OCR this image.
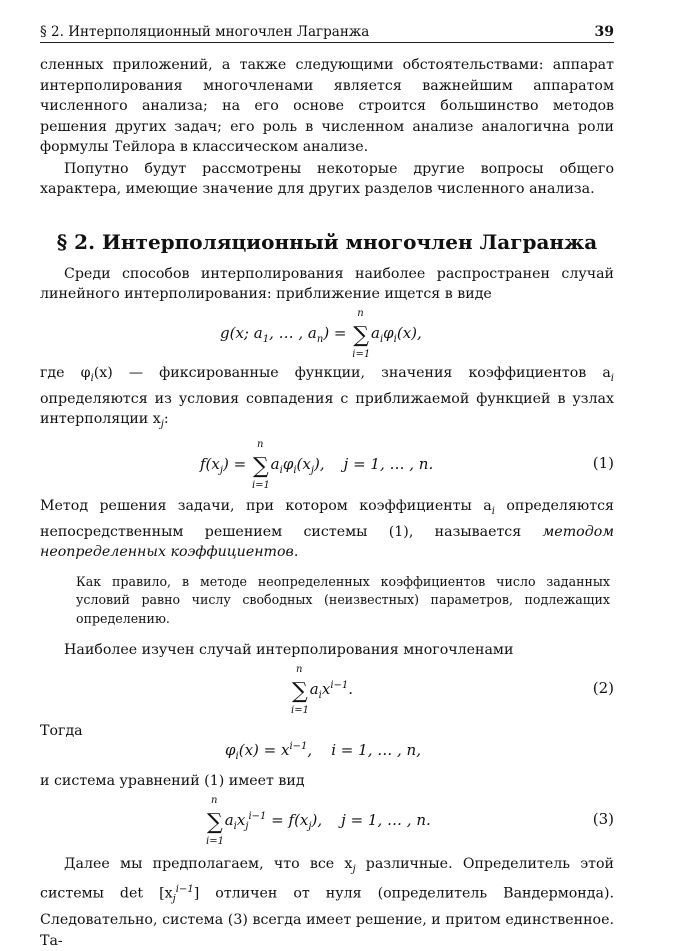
§ 2. Интерполяционный многочлен Лагранжа	39

сленных приложений, а также следующими обстоятельствами: аппарат интерполирования многочленами является важнейшим аппаратом численного анализа; на его основе строится большинство методов решения других задач; его роль в численном анализе аналогична роли формулы Тейлора в классическом анализе.

Попутно будут рассмотрены некоторые другие вопросы общего характера, имеющие значение для других разделов численного анализа.

§ 2. Интерполяционный многочлен Лагранжа

Среди способов интерполирования наиболее распространен случай линейного интерполирования: приближение ищется в виде

g(x; $a_1$, … , $a_n$) = ∑
n
i=1
$a_i\varphi_i(x)$,

где $\varphi_i(x)$ — фиксированные функции, значения коэффициентов $a_i$ определяются из условия совпадения с приближаемой функцией в узлах интерполяции $x_j$:

$f(x_j)$ = ∑
n
i=1
$a_i\varphi_i(x_j)$,    j = 1, … , n.	(1)

Метод решения задачи, при котором коэффициенты $a_i$ определяются непосредственным решением системы (1), называется методом неопределенных коэффициентов.

Как правило, в методе неопределенных коэффициентов число заданных условий равно числу свободных (неизвестных) параметров, подлежащих определению.

Наиболее изучен случай интерполирования многочленами

∑
n
i=1
$a_ix^{i-1}$.	(2)

Тогда

$\varphi_i(x) = x^{i-1}$,    i = 1, … , n,

и система уравнений (1) имеет вид

∑
n
i=1
$a_ix_j^{i-1} = f(x_j)$,    j = 1, … , n.	(3)

Далее мы предполагаем, что все $x_j$ различные. Определитель этой системы $\det [x_j^{i-1}]$ отличен от нуля (определитель Вандермонда). Следовательно, система (3) всегда имеет решение, и притом единственное. Та-
